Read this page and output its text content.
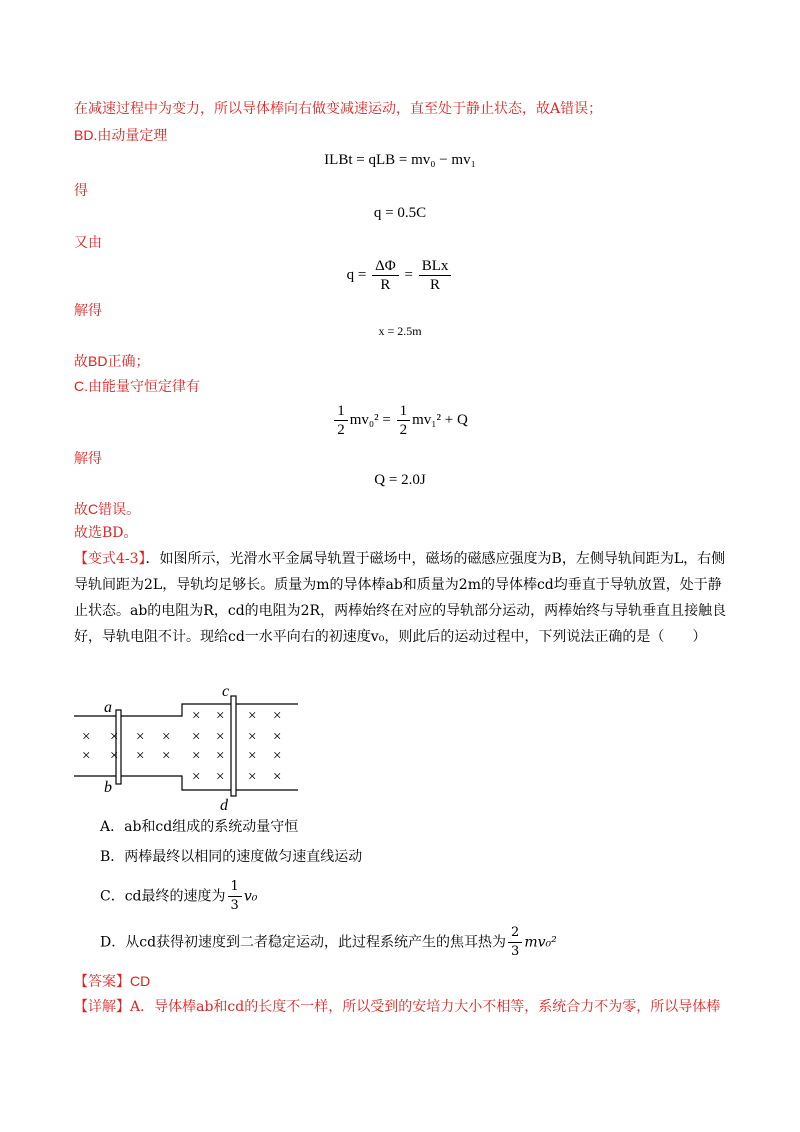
在减速过程中为变力，所以导体棒向右做变减速运动，直至处于静止状态，故A错误；
BD.由动量定理
ILBt = qLB = mv₀ − mv₁
得
q = 0.5C
又由
$q = \frac{\Delta\Phi}{R} = \frac{\text{BLx}}{R}$
解得
x = 2.5m
故BD正确；
C.由能量守恒定律有
$\frac{1}{2} mv_0^2 = \frac{1}{2} mv_1^2 + Q$
解得
Q = 2.0J
故C错误。
故选BD。
【变式4-3】．如图所示，光滑水平金属导轨置于磁场中，磁场的磁感应强度为B，左侧导轨间距为L，右侧导轨间距为2L，导轨均足够长。质量为m的导体棒ab和质量为2m的导体棒cd均垂直于导轨放置，处于静止状态。ab的电阻为R，cd的电阻为2R，两棒始终在对应的导轨部分运动，两棒始终与导轨垂直且接触良好，导轨电阻不计。现给cd一水平向右的初速度v₀，则此后的运动过程中，下列说法正确的是（　　）
a
b
c
d
× × × × × ×
× × × × × ×
× × × ×
× ×
× ×
× × × ×
A．ab和cd组成的系统动量守恒
B．两棒最终以相同的速度做匀速直线运动
C．cd最终的速度为 $\frac{1}{3} v_0$
D．从cd获得初速度到二者稳定运动，此过程系统产生的焦耳热为 $\frac{2}{3} mv_0^2$
【答案】CD
【详解】A．导体棒ab和cd的长度不一样，所以受到的安培力大小不相等，系统合力不为零，所以导体棒
